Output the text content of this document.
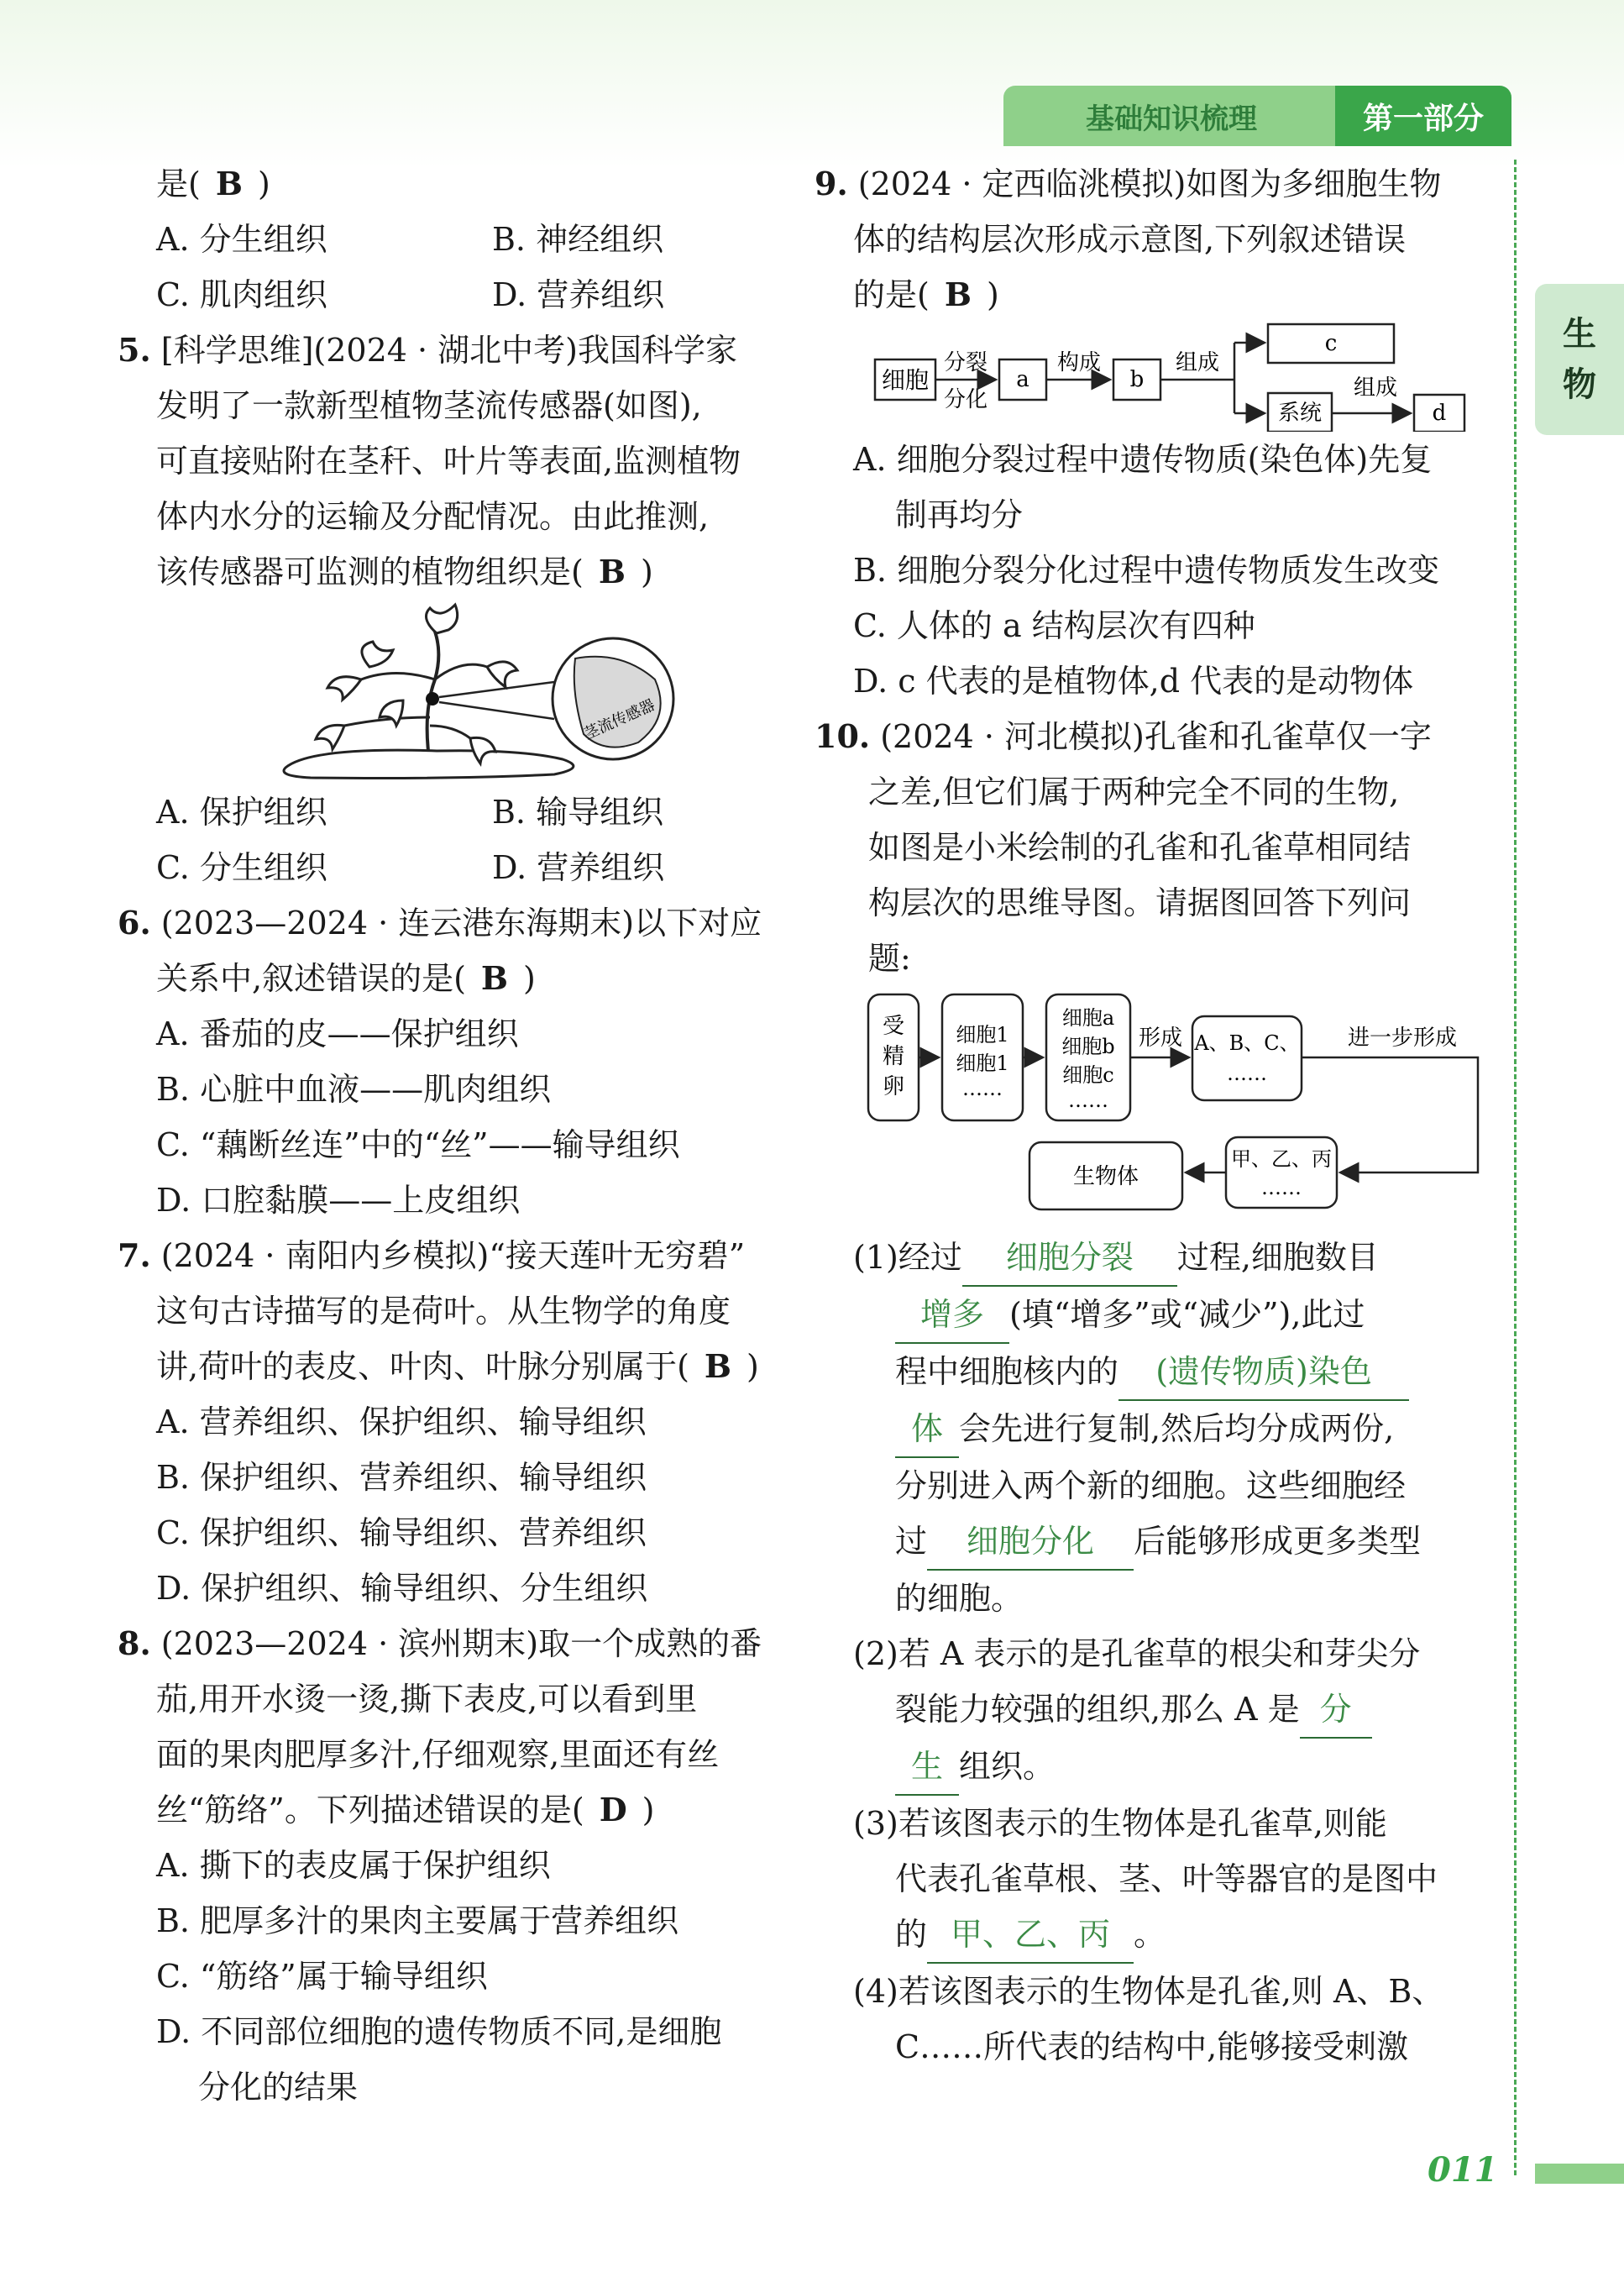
基础知识梳理	第一部分
生
物
是( B )
A. 分生组织	B. 神经组织
C. 肌肉组织	D. 营养组织
5. [科学思维](2024 · 湖北中考)我国科学家
发明了一款新型植物茎流传感器(如图),
可直接贴附在茎秆、叶片等表面,监测植物
体内水分的运输及分配情况。由此推测,
该传感器可监测的植物组织是( B )
茎流传感器
A. 保护组织	B. 输导组织
C. 分生组织	D. 营养组织
6. (2023—2024 · 连云港东海期末)以下对应
关系中,叙述错误的是( B )
A. 番茄的皮——保护组织
B. 心脏中血液——肌肉组织
C. “藕断丝连”中的“丝”——输导组织
D. 口腔黏膜——上皮组织
7. (2024 · 南阳内乡模拟)“接天莲叶无穷碧”
这句古诗描写的是荷叶。从生物学的角度
讲,荷叶的表皮、叶肉、叶脉分别属于( B )
A. 营养组织、保护组织、输导组织
B. 保护组织、营养组织、输导组织
C. 保护组织、输导组织、营养组织
D. 保护组织、输导组织、分生组织
8. (2023—2024 · 滨州期末)取一个成熟的番
茄,用开水烫一烫,撕下表皮,可以看到里
面的果肉肥厚多汁,仔细观察,里面还有丝
丝“筋络”。下列描述错误的是( D )
A. 撕下的表皮属于保护组织
B. 肥厚多汁的果肉主要属于营养组织
C. “筋络”属于输导组织
D. 不同部位细胞的遗传物质不同,是细胞
分化的结果
9. (2024 · 定西临洮模拟)如图为多细胞生物
体的结构层次形成示意图,下列叙述错误
的是( B )
细胞
分裂
分化
a
构成
b
组成
c
系统
组成
d
A. 细胞分裂过程中遗传物质(染色体)先复
制再均分
B. 细胞分裂分化过程中遗传物质发生改变
C. 人体的 a 结构层次有四种
D. c 代表的是植物体,d 代表的是动物体
10. (2024 · 河北模拟)孔雀和孔雀草仅一字
之差,但它们属于两种完全不同的生物,
如图是小米绘制的孔雀和孔雀草相同结
构层次的思维导图。请据图回答下列问
题:
受
精
卵
细胞1
细胞1
……
细胞a
细胞b
细胞c
……
形成 A、B、C、
……
进一步形成
甲、乙、丙
……
生物体
(1)经过 细胞分裂 过程,细胞数目
增多 (填“增多”或“减少”),此过
程中细胞核内的 (遗传物质)染色
体 会先进行复制,然后均分成两份,
分别进入两个新的细胞。这些细胞经
过 细胞分化 后能够形成更多类型
的细胞。
(2)若 A 表示的是孔雀草的根尖和芽尖分
裂能力较强的组织,那么 A 是 分
生 组织。
(3)若该图表示的生物体是孔雀草,则能
代表孔雀草根、茎、叶等器官的是图中
的 甲、乙、丙 。
(4)若该图表示的生物体是孔雀,则 A、B、
C……所代表的结构中,能够接受刺激
011
